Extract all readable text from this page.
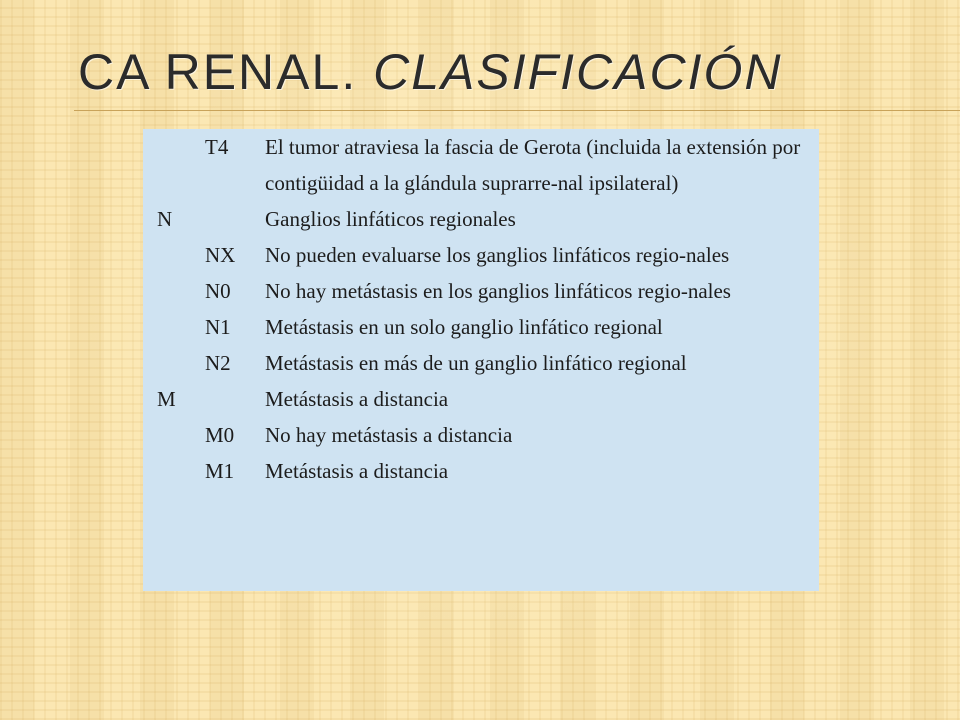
CA RENAL. CLASIFICACIÓN
	T4	El tumor atraviesa la fascia de Gerota (incluida la extensión por contigüidad a la glándula suprarre-nal ipsilateral)

N		Ganglios linfáticos regionales

	NX	No pueden evaluarse los ganglios linfáticos regio-nales

	N0	No hay metástasis en los ganglios linfáticos regio-nales

	N1	Metástasis en un solo ganglio linfático regional

	N2	Metástasis en más de un ganglio linfático regional

M		Metástasis a distancia

	M0	No hay metástasis a distancia

	M1	Metástasis a distancia
